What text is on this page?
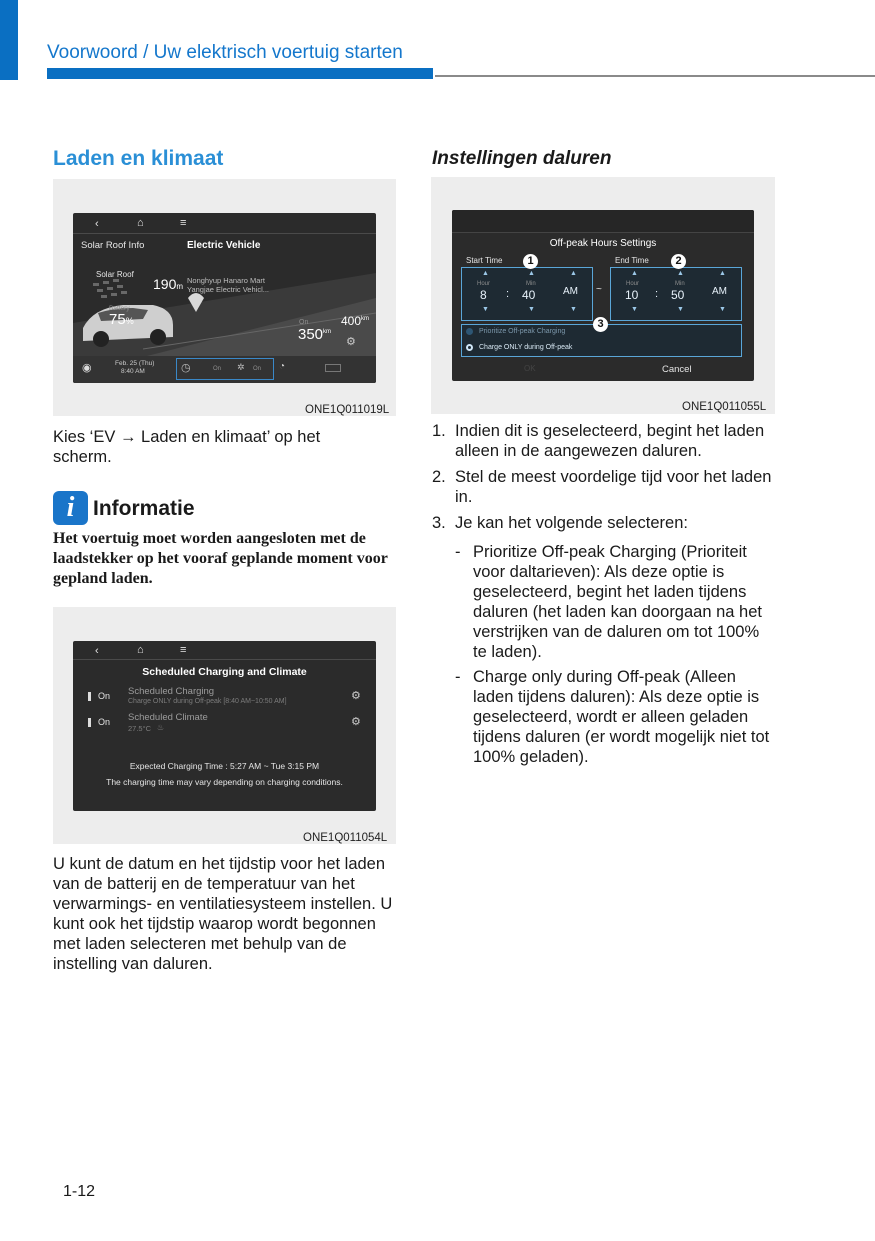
Voorwoord / Uw elektrisch voertuig starten
Laden en klimaat
‹	⌂	≡
Solar Roof Info	Electric Vehicle
Solar Roof
Battery
75%
190m
Nonghyup Hanaro Mart
Yangjae Electric Vehicl...
On	$400^{km}$
$350^{km}$
⚙
◉	Feb. 25 (Thu)
8:40 AM	◷	On ✲ On ◔
ONE1Q011019L
Kies ‘EV → Laden en klimaat’ op het scherm.
i Informatie
Het voertuig moet worden aangesloten met de laadstekker op het vooraf geplande moment voor gepland laden.
‹	⌂	≡
Scheduled Charging and Climate
On Scheduled Charging
Charge ONLY during Off-peak [8:40 AM~10:50 AM]	⚙
On Scheduled Climate
27.5°C ♨	⚙
Expected Charging Time : 5:27 AM ~ Tue 3:15 PM
The charging time may vary depending on charging conditions.
ONE1Q011054L
U kunt de datum en het tijdstip voor het laden van de batterij en de temperatuur van het verwarmings- en ventilatiesysteem instellen. U kunt ook het tijdstip waarop wordt begonnen met laden selecteren met behulp van de instelling van daluren.
Instellingen daluren
Off-peak Hours Settings
Start Time	End Time
▲	▲	▲
Hour	Min
8 : 40	AM
▼	▼	▼
~
▲	▲	▲
Hour	Min
10 : 50	AM
▼	▼	▼
Prioritize Off-peak Charging
Charge ONLY during Off-peak
OK	Cancel
1	2
3
ONE1Q011055L
1. Indien dit is geselecteerd, begint het laden alleen in de aangewezen daluren.
2. Stel de meest voordelige tijd voor het laden in.
3. Je kan het volgende selecteren:
- Prioritize Off-peak Charging (Prioriteit voor daltarieven): Als deze optie is geselecteerd, begint het laden tijdens daluren (het laden kan doorgaan na het verstrijken van de daluren om tot 100% te laden).
- Charge only during Off-peak (Alleen laden tijdens daluren): Als deze optie is geselecteerd, wordt er alleen geladen tijdens daluren (er wordt mogelijk niet tot 100% geladen).
1-12
